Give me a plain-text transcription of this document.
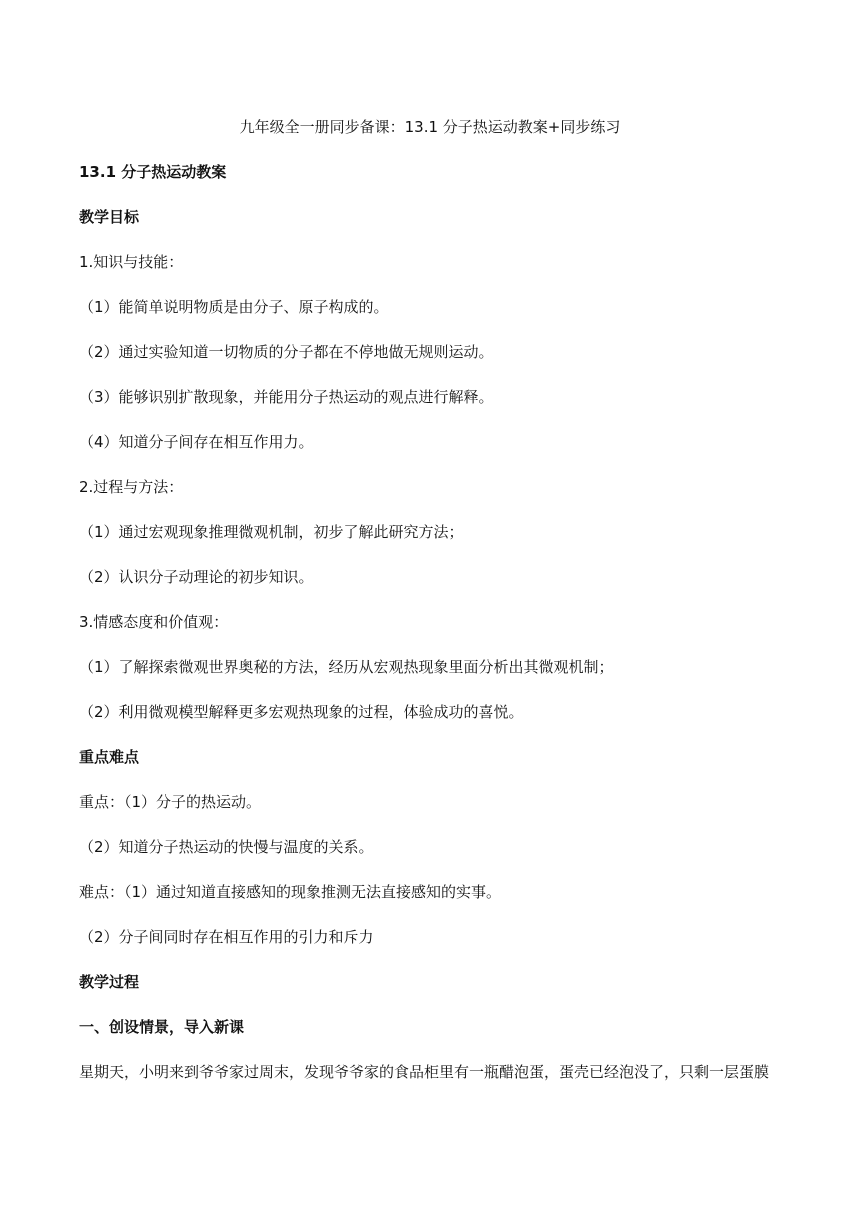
九年级全一册同步备课：13.1 分子热运动教案+同步练习
13.1 分子热运动教案
教学目标
1.知识与技能：
（1）能简单说明物质是由分子、原子构成的。
（2）通过实验知道一切物质的分子都在不停地做无规则运动。
（3）能够识别扩散现象，并能用分子热运动的观点进行解释。
（4）知道分子间存在相互作用力。
2.过程与方法：
（1）通过宏观现象推理微观机制，初步了解此研究方法；
（2）认识分子动理论的初步知识。
3.情感态度和价值观：
（1）了解探索微观世界奥秘的方法，经历从宏观热现象里面分析出其微观机制；
（2）利用微观模型解释更多宏观热现象的过程，体验成功的喜悦。
重点难点
重点：（1）分子的热运动。
（2）知道分子热运动的快慢与温度的关系。
难点：（1）通过知道直接感知的现象推测无法直接感知的实事。
（2）分子间同时存在相互作用的引力和斥力
教学过程
一、创设情景，导入新课
星期天，小明来到爷爷家过周末，发现爷爷家的食品柜里有一瓶醋泡蛋，蛋壳已经泡没了，只剩一层蛋膜
